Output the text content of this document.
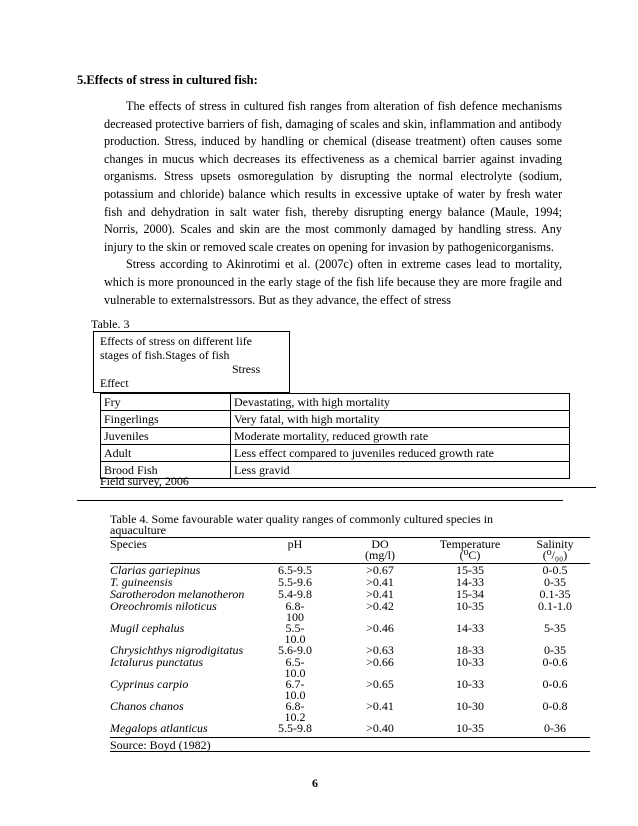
5.Effects of stress in cultured fish:

The effects of stress in cultured fish ranges from alteration of fish defence mechanisms decreased protective barriers of fish, damaging of scales and skin, inflammation and antibody production. Stress, induced by handling or chemical (disease treatment) often causes some changes in mucus which decreases its effectiveness as a chemical barrier against invading organisms. Stress upsets osmoregulation by disrupting the normal electrolyte (sodium, potassium and chloride) balance which results in excessive uptake of water by fresh water fish and dehydration in salt water fish, thereby disrupting energy balance (Maule, 1994; Norris, 2000). Scales and skin are the most commonly damaged by handling stress. Any injury to the skin or removed scale creates on opening for invasion by pathogenicorganisms.

Stress according to Akinrotimi et al. (2007c) often in extreme cases lead to mortality, which is more pronounced in the early stage of the fish life because they are more fragile and vulnerable to externalstressors. But as they advance, the effect of stress

Table. 3
Effects of stress on different life
stages of fish.Stages of fish
Stress
Effect
Fry	Devastating, with high mortality
Fingerlings	Very fatal, with high mortality
Juveniles	Moderate mortality, reduced growth rate
Adult	Less effect compared to juveniles reduced growth rate
Brood Fish	Less gravid
Field survey, 2006
Table 4. Some favourable water quality ranges of commonly cultured species in aquaculture
Species	pH	DO	Temperature	Salinity
(mg/l)	(⁰C)	(⁰/₀₀)
Clarias gariepinus	6.5-9.5	>0.67	15-35	0-0.5
T. guineensis	5.5-9.6	>0.41	14-33	0-35
Sarotherodon melanotheron	5.4-9.8	>0.41	15-34	0.1-35
Oreochromis niloticus	6.8-	>0.42	10-35	0.1-1.0
100
Mugil cephalus	5.5-	>0.46	14-33	5-35
10.0
Chrysichthys nigrodigitatus	5.6-9.0	>0.63	18-33	0-35
Ictalurus punctatus	6.5-	>0.66	10-33	0-0.6
10.0
Cyprinus carpio	6.7-	>0.65	10-33	0-0.6
10.0
Chanos chanos	6.8-	>0.41	10-30	0-0.8
10.2
Megalops atlanticus	5.5-9.8	>0.40	10-35	0-36
Source: Boyd (1982)
6
